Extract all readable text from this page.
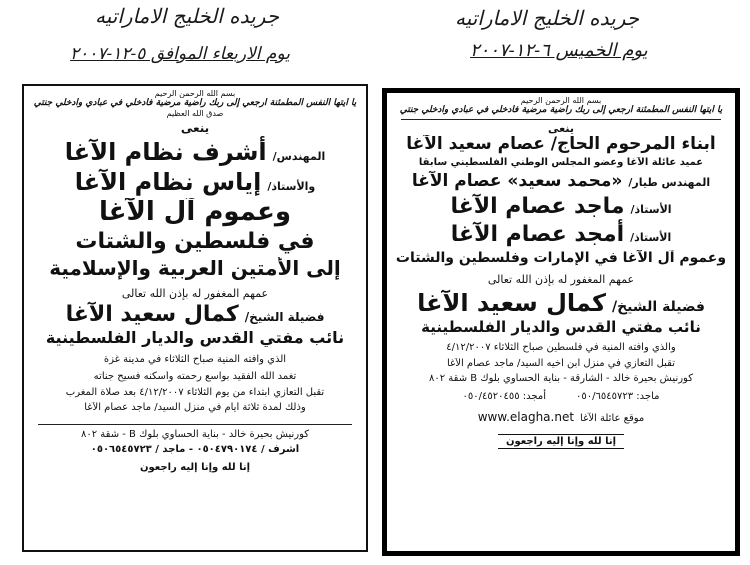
جريده الخليج الاماراتيه
يوم الخميس ٦-١٢-٢٠٠٧
جريده الخليج الاماراتيه
يوم الاربعاء الموافق ٥-١٢-٢٠٠٧
بسم الله الرحمن الرحيم
يا أيتها النفس المطمئنة ارجعي إلى ربك راضية مرضية فادخلي في عبادي وادخلي جنتي
ينعى
أبناء المرحوم الحاج/ عصام سعيد الآغا
عميد عائلة الآغا وعضو المجلس الوطني الفلسطيني سابقا
المهندس طيار/
«محمد سعيد» عصام الآغا
الأستاذ/
ماجد عصام الآغا
الأستاذ/
أمجد عصام الآغا
وعموم آل الآغا في الإمارات وفلسطين والشتات
عمهم المغفور له بإذن الله تعالى
فضيلة الشيخ/
كمال سعيد الآغا
نائب مفتي القدس والديار الفلسطينية
والذي وافته المنية في فلسطين صباح الثلاثاء ٤/١٢/٢٠٠٧
تقبل التعازي في منزل ابن أخيه السيد/ ماجد عصام الآغا
كورنيش بحيرة خالد - الشارقة - بناية الحساوي بلوك B شقة ٨٠٢
ماجد: ٠٥٠/٦٥٤٥٧٢٣
أمجد: ٠٥٠/٤٥٢٠٤٥٥
موقع عائلة الآغا
www.elagha.net
إنا لله وإنا إليه راجعون
بسم الله الرحمن الرحيم
يا أيتها النفس المطمئنة ارجعي إلى ربك راضية مرضية فادخلي في عبادي وادخلي جنتي
صدق الله العظيم
ينعى
المهندس/
أشرف نظام الآغا
والأستاذ/
إياس نظام الآغا
وعموم آل الآغا
في فلسطين والشتات
إلى الأمتين العربية والإسلامية
عمهم المغفور له بإذن الله تعالى
فضيلة الشيخ/
كمال سعيد الآغا
نائب مفتي القدس والديار الفلسطينية
الذي وافته المنية صباح الثلاثاء في مدينة غزة
تغمد الله الفقيد بواسع رحمته وأسكنه فسيح جناته
تقبل التعازي ابتداء من يوم الثلاثاء ٤/١٢/٢٠٠٧ بعد صلاة المغرب
وذلك لمدة ثلاثة أيام في منزل السيد/ ماجد عصام الآغا
كورنيش بحيرة خالد - بناية الحساوي بلوك B - شقة ٨٠٢
أشرف / ٠٥٠٤٧٩٠١٧٤ - ماجد / ٠٥٠٦٥٤٥٧٢٣
إنا لله وإنا إليه راجعون
